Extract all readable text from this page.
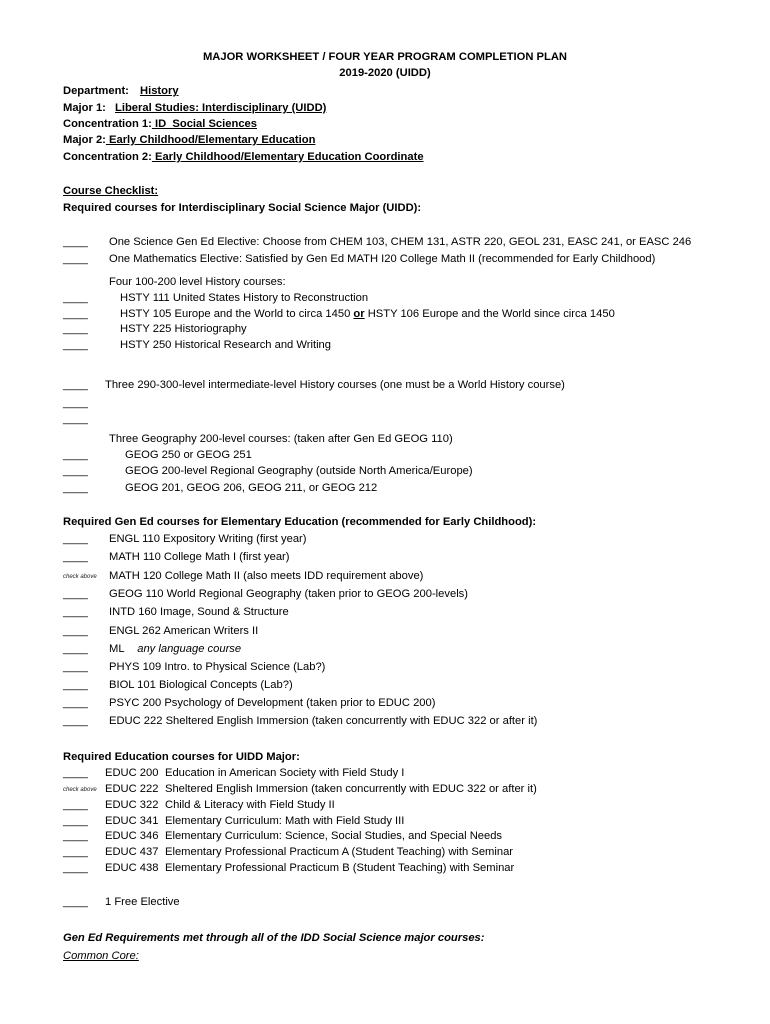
MAJOR WORKSHEET / FOUR YEAR PROGRAM COMPLETION PLAN
2019-2020 (UIDD)
Department: History
Major 1: Liberal Studies: Interdisciplinary (UIDD)
Concentration 1: ID_Social Sciences
Major 2: Early Childhood/Elementary Education
Concentration 2: Early Childhood/Elementary Education Coordinate
Course Checklist:
Required courses for Interdisciplinary Social Science Major (UIDD):
____ One Science Gen Ed Elective: Choose from CHEM 103, CHEM 131, ASTR 220, GEOL 231, EASC 241, or EASC 246
____ One Mathematics Elective: Satisfied by Gen Ed MATH I20 College Math II (recommended for Early Childhood)
Four 100-200 level History courses:
____	HSTY 111 United States History to Reconstruction
____	HSTY 105 Europe and the World to circa 1450 or HSTY 106 Europe and the World since circa 1450
____	HSTY 225 Historiography
____	HSTY 250 Historical Research and Writing
____ Three 290-300-level intermediate-level History courses (one must be a World History course)
____
____
Three Geography 200-level courses: (taken after Gen Ed GEOG 110)
____	GEOG 250 or GEOG 251
____	GEOG 200-level Regional Geography (outside North America/Europe)
____	GEOG 201, GEOG 206, GEOG 211, or GEOG 212
Required Gen Ed courses for Elementary Education (recommended for Early Childhood):
____ ENGL 110 Expository Writing (first year)
____ MATH 110 College Math I (first year)
check above MATH 120 College Math II (also meets IDD requirement above)
____ GEOG 110 World Regional Geography (taken prior to GEOG 200-levels)
____ INTD 160 Image, Sound & Structure
____ ENGL 262 American Writers II
____ ML any language course
____ PHYS 109 Intro. to Physical Science (Lab?)
____ BIOL 101 Biological Concepts (Lab?)
____ PSYC 200 Psychology of Development (taken prior to EDUC 200)
____ EDUC 222 Sheltered English Immersion (taken concurrently with EDUC 322 or after it)
Required Education courses for UIDD Major:
____ EDUC 200 Education in American Society with Field Study I
check above EDUC 222 Sheltered English Immersion (taken concurrently with EDUC 322 or after it)
____ EDUC 322 Child & Literacy with Field Study II
____ EDUC 341 Elementary Curriculum: Math with Field Study III
____ EDUC 346 Elementary Curriculum: Science, Social Studies, and Special Needs
____ EDUC 437 Elementary Professional Practicum A (Student Teaching) with Seminar
____ EDUC 438 Elementary Professional Practicum B (Student Teaching) with Seminar
____ 1 Free Elective
Gen Ed Requirements met through all of the IDD Social Science major courses:
Common Core:
